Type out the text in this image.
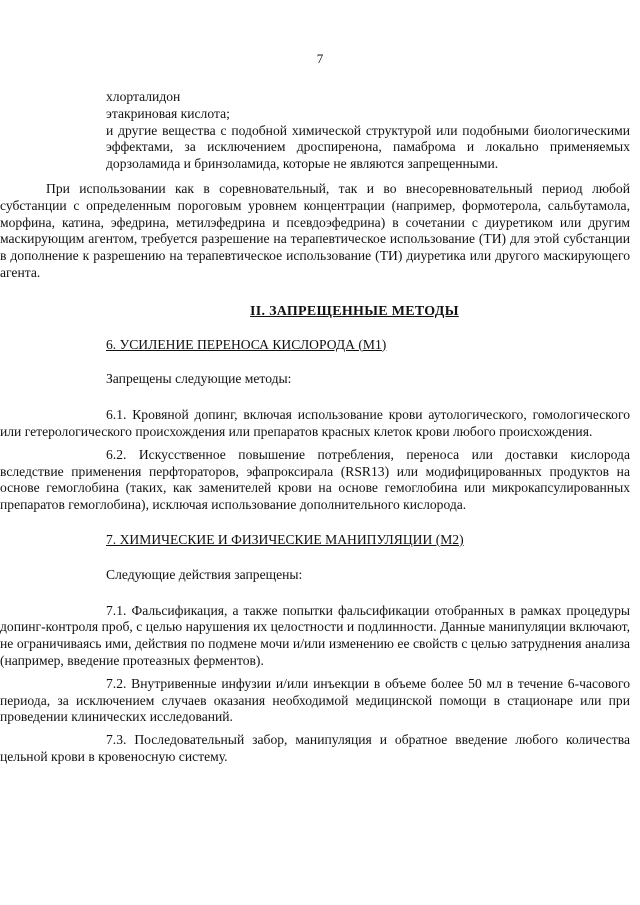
7

хлорталидон

этакриновая кислота;

и другие вещества с подобной химической структурой или подобными биологическими эффектами, за исключением дроспиренона, памаброма и локально применяемых дорзоламида и бринзоламида, которые не являются запрещенными.

При использовании как в соревновательный, так и во внесоревновательный период любой субстанции с определенным пороговым уровнем концентрации (например, формотерола, сальбутамола, морфина, катина, эфедрина, метилэфедрина и псевдоэфедрина) в сочетании с диуретиком или другим маскирующим агентом, требуется разрешение на терапевтическое использование (ТИ) для этой субстанции в дополнение к разрешению на терапевтическое использование (ТИ) диуретика или другого маскирующего агента.

II. ЗАПРЕЩЕННЫЕ МЕТОДЫ

6. УСИЛЕНИЕ ПЕРЕНОСА КИСЛОРОДА (М1)

Запрещены следующие методы:

6.1. Кровяной допинг, включая использование крови аутологического, гомологического или гетерологического происхождения или препаратов красных клеток крови любого происхождения.

6.2. Искусственное повышение потребления, переноса или доставки кислорода вследствие применения перфтораторов, эфапроксирала (RSR13) или модифицированных продуктов на основе гемоглобина (таких, как заменителей крови на основе гемоглобина или микрокапсулированных препаратов гемоглобина), исключая использование дополнительного кислорода.

7. ХИМИЧЕСКИЕ И ФИЗИЧЕСКИЕ МАНИПУЛЯЦИИ (М2)

Следующие действия запрещены:

7.1. Фальсификация, а также попытки фальсификации отобранных в рамках процедуры допинг-контроля проб, с целью нарушения их целостности и подлинности. Данные манипуляции включают, не ограничиваясь ими, действия по подмене мочи и/или изменению ее свойств с целью затруднения анализа (например, введение протеазных ферментов).

7.2. Внутривенные инфузии и/или инъекции в объеме более 50 мл в течение 6-часового периода, за исключением случаев оказания необходимой медицинской помощи в стационаре или при проведении клинических исследований.

7.3. Последовательный забор, манипуляция и обратное введение любого количества цельной крови в кровеносную систему.
